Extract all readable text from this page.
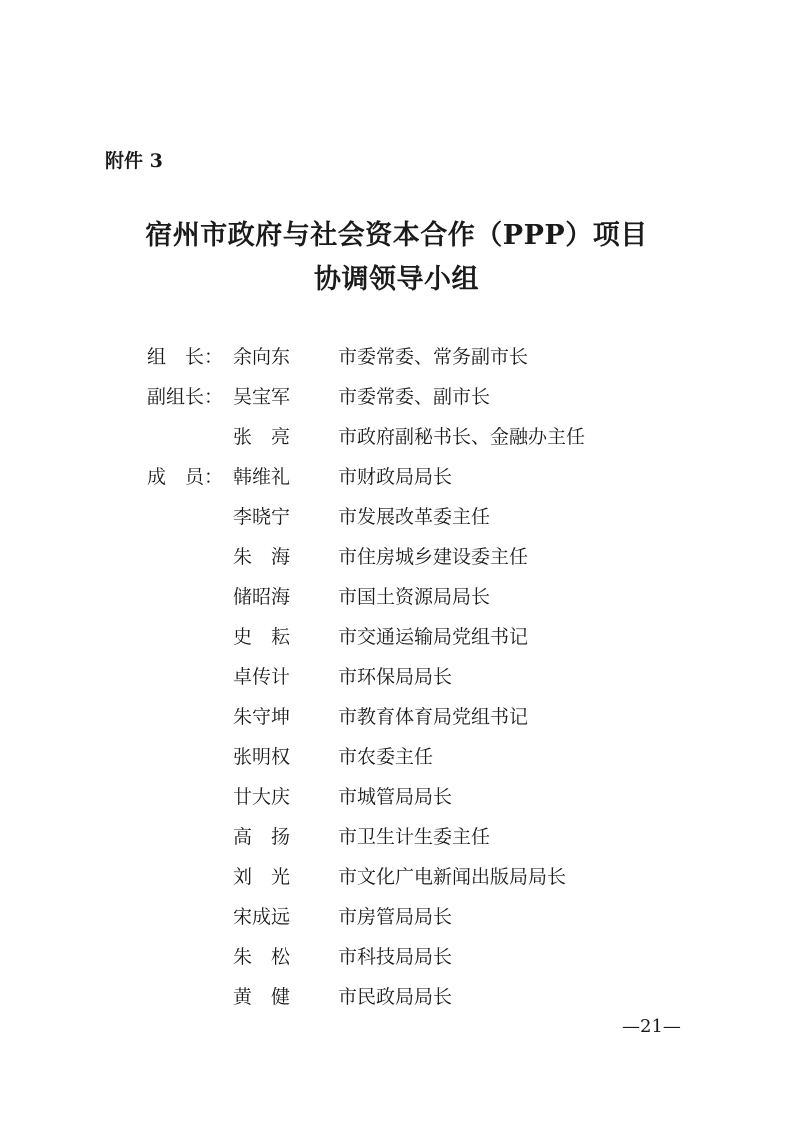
附件 3
宿州市政府与社会资本合作（PPP）项目
协调领导小组
组　长： 余向东	市委常委、常务副市长
副组长： 吴宝军	市委常委、副市长
张　亮	市政府副秘书长、金融办主任
成　员： 韩维礼	市财政局局长
李晓宁	市发展改革委主任
朱　海	市住房城乡建设委主任
储昭海	市国土资源局局长
史　耘	市交通运输局党组书记
卓传计	市环保局局长
朱守坤	市教育体育局党组书记
张明权	市农委主任
廿大庆	市城管局局长
高　扬	市卫生计生委主任
刘　光	市文化广电新闻出版局局长
宋成远	市房管局局长
朱　松	市科技局局长
黄　健	市民政局局长
—21—
